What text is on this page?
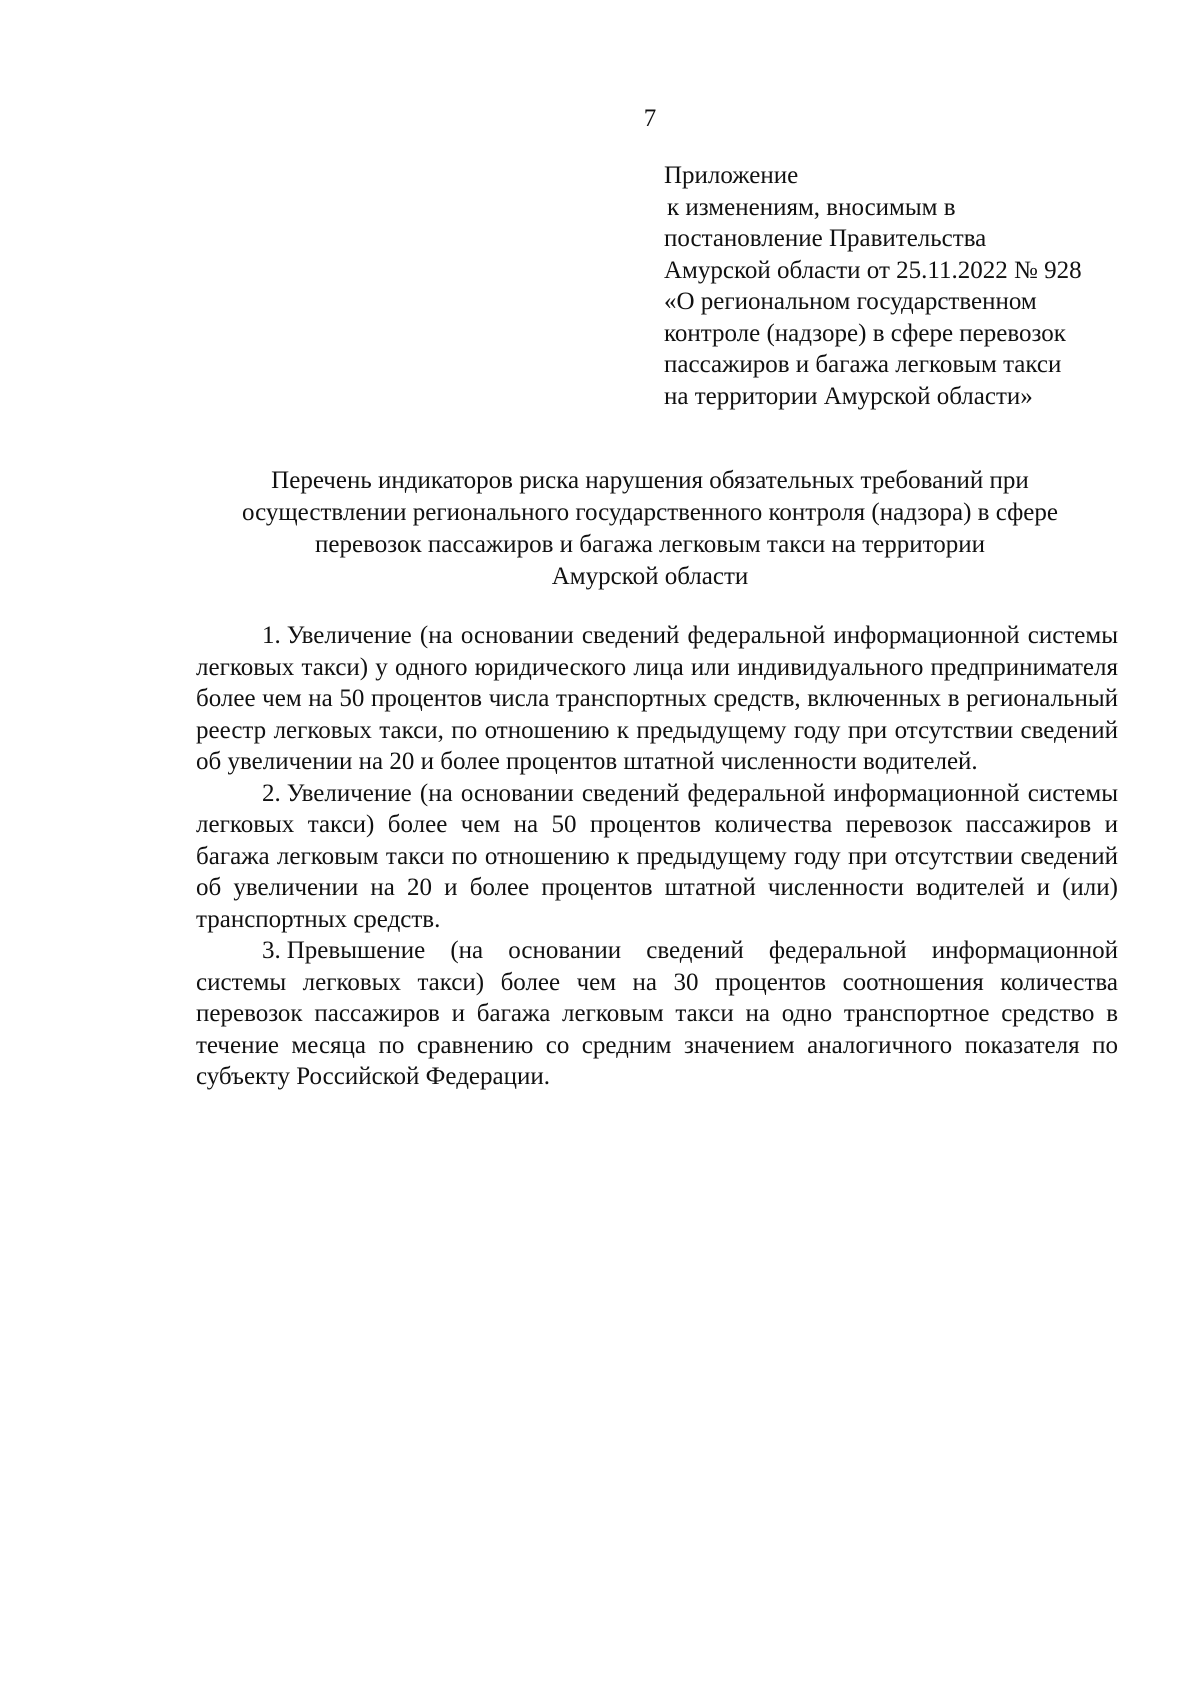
7
Приложение
к изменениям, вносимым в
постановление Правительства
Амурской области от 25.11.2022 № 928
«О региональном государственном
контроле (надзоре) в сфере перевозок
пассажиров и багажа легковым такси
на территории Амурской области»
Перечень индикаторов риска нарушения обязательных требований при
осуществлении регионального государственного контроля (надзора) в сфере
перевозок пассажиров и багажа легковым такси на территории
Амурской области

1. Увеличение (на основании сведений федеральной информационной системы легковых такси) у одного юридического лица или индивидуального предпринимателя более чем на 50 процентов числа транспортных средств, включенных в региональный реестр легковых такси, по отношению к предыдущему году при отсутствии сведений об увеличении на 20 и более процентов штатной численности водителей.

2. Увеличение (на основании сведений федеральной информационной системы легковых такси) более чем на 50 процентов количества перевозок пассажиров и багажа легковым такси по отношению к предыдущему году при отсутствии сведений об увеличении на 20 и более процентов штатной численности водителей и (или) транспортных средств.

3. Превышение (на основании сведений федеральной информационной системы легковых такси) более чем на 30 процентов соотношения количества перевозок пассажиров и багажа легковым такси на одно транспортное средство в течение месяца по сравнению со средним значением аналогичного показателя по субъекту Российской Федерации.
